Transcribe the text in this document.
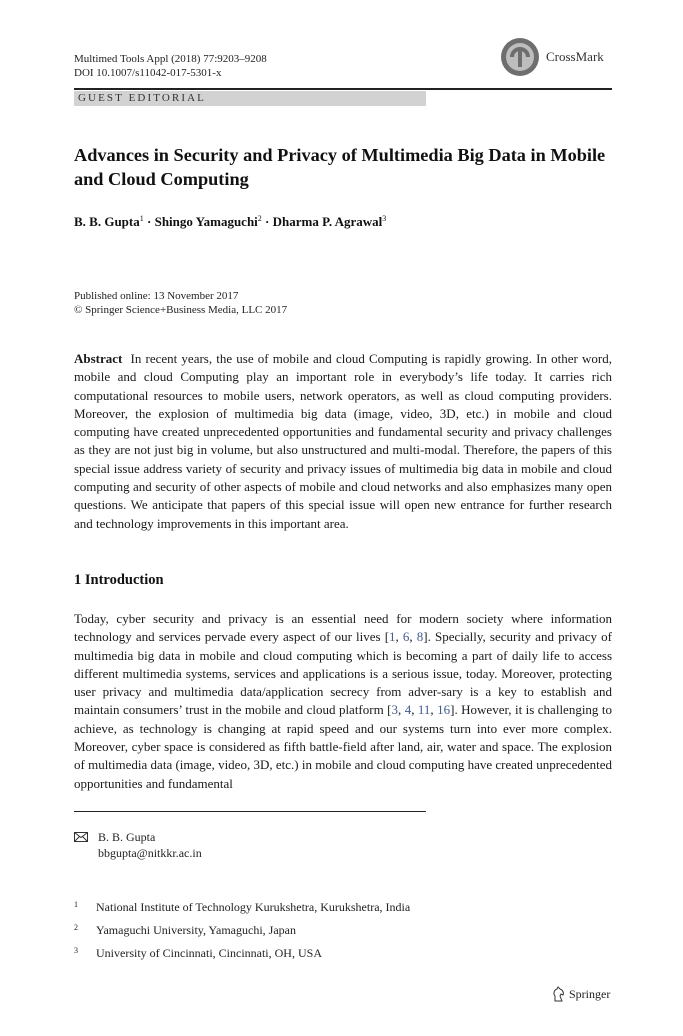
Multimed Tools Appl (2018) 77:9203–9208
DOI 10.1007/s11042-017-5301-x
CrossMark
GUEST EDITORIAL
Advances in Security and Privacy of Multimedia Big Data in Mobile and Cloud Computing
B. B. Gupta$^1$ · Shingo Yamaguchi$^2$ · Dharma P. Agrawal$^3$
Published online: 13 November 2017
© Springer Science+Business Media, LLC 2017
Abstract In recent years, the use of mobile and cloud Computing is rapidly growing. In other word, mobile and cloud Computing play an important role in everybody’s life today. It carries rich computational resources to mobile users, network operators, as well as cloud computing providers. Moreover, the explosion of multimedia big data (image, video, 3D, etc.) in mobile and cloud computing have created unprecedented opportunities and fundamental security and privacy challenges as they are not just big in volume, but also unstructured and multi-modal. Therefore, the papers of this special issue address variety of security and privacy issues of multimedia big data in mobile and cloud computing and security of other aspects of mobile and cloud networks and also emphasizes many open questions. We anticipate that papers of this special issue will open new entrance for further research and technology improvements in this important area.
1 Introduction
Today, cyber security and privacy is an essential need for modern society where information technology and services pervade every aspect of our lives [1, 6, 8]. Specially, security and privacy of multimedia big data in mobile and cloud computing which is becoming a part of daily life to access different multimedia systems, services and applications is a serious issue, today. Moreover, protecting user privacy and multimedia data/application secrecy from adver-sary is a key to establish and maintain consumers’ trust in the mobile and cloud platform [3, 4, 11, 16]. However, it is challenging to achieve, as technology is changing at rapid speed and our systems turn into ever more complex. Moreover, cyber space is considered as fifth battle-field after land, air, water and space. The explosion of multimedia data (image, video, 3D, etc.) in mobile and cloud computing have created unprecedented opportunities and fundamental
B. B. Gupta
bbgupta@nitkkr.ac.in
1	National Institute of Technology Kurukshetra, Kurukshetra, India
2	Yamaguchi University, Yamaguchi, Japan
3	University of Cincinnati, Cincinnati, OH, USA
Springer
